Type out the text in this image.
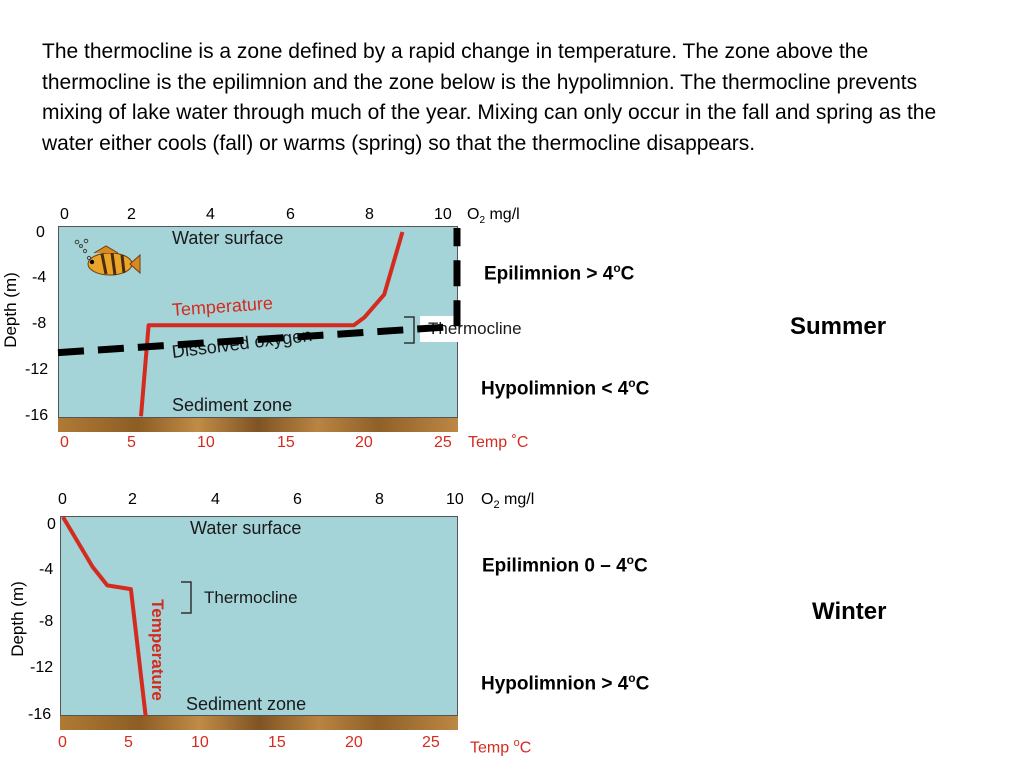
The thermocline is a zone defined by a rapid change in temperature. The zone above the thermocline is the epilimnion and the zone below is the hypolimnion. The thermocline prevents mixing of lake water through much of the year. Mixing can only occur in the fall and spring as the water either cools (fall) or warms (spring) so that the thermocline disappears.

0	2	4	6	8	10 $O_2$ mg/l
0
-4
-8
-12
-16
Depth (m)
Water surface
Sediment zone
Temperature
Dissolved oxygen
0	5	10	15	20	25 Temp ˚C
Thermocline
Epilimnion > $4^oC$
Hypolimnion < $4^oC$
Summer
0	2	4	6	8	10 $O_2$ mg/l
0
-4
-8
-12
-16
Depth (m)
Water surface
Sediment zone
Thermocline
Temperature
0	5	10	15	20	25 Temp $^o$C
Epilimnion 0 – 4$^o$C
Hypolimnion > $4^oC$
Winter
